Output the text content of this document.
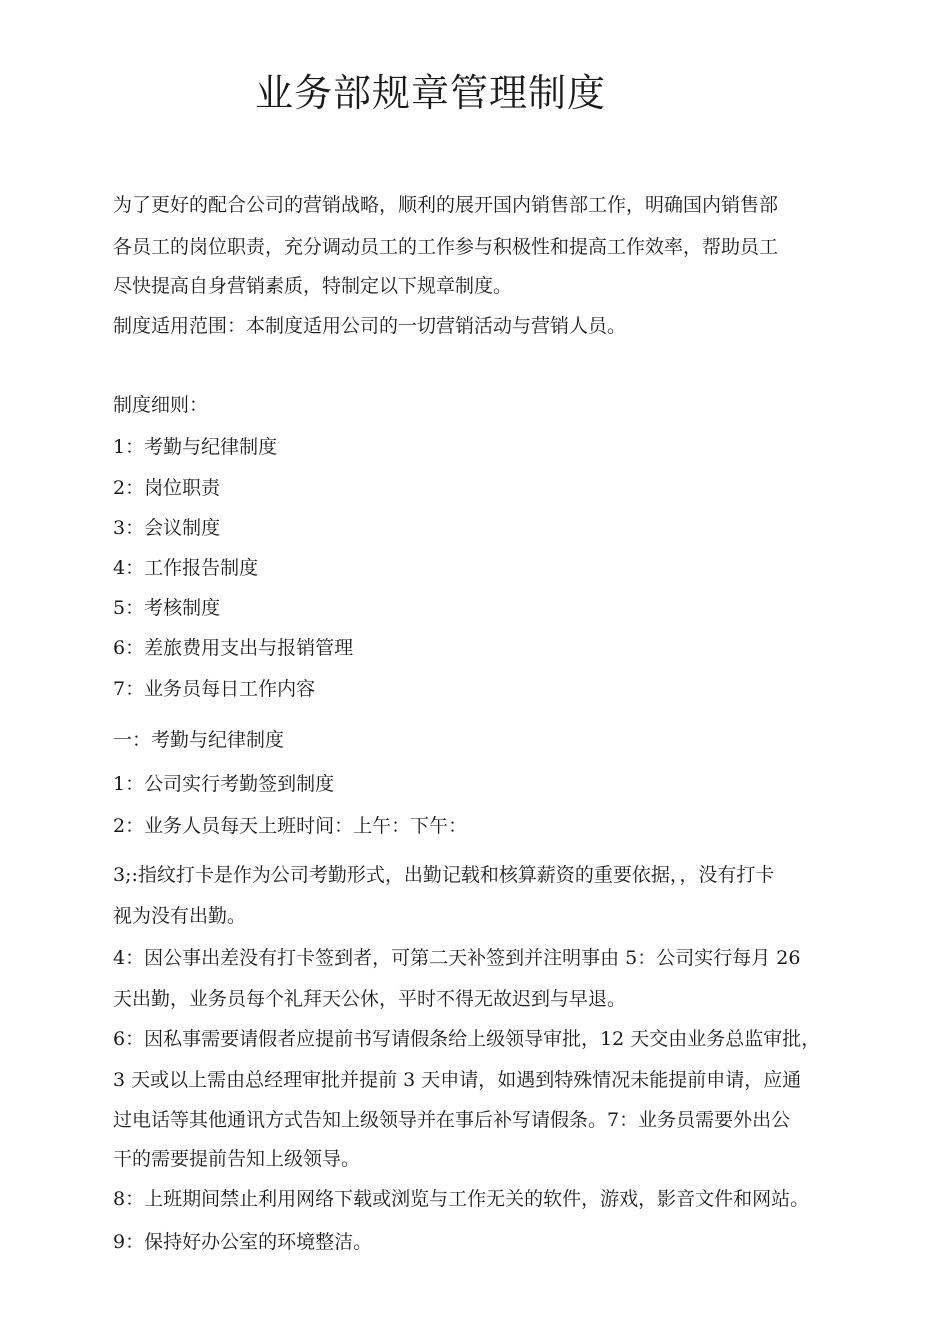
业务部规章管理制度
为了更好的配合公司的营销战略，顺利的展开国内销售部工作，明确国内销售部
各员工的岗位职责，充分调动员工的工作参与积极性和提高工作效率，帮助员工
尽快提高自身营销素质，特制定以下规章制度。
制度适用范围：本制度适用公司的一切营销活动与营销人员。
制度细则：
1：考勤与纪律制度
2：岗位职责
3：会议制度
4：工作报告制度
5：考核制度
6：差旅费用支出与报销管理
7：业务员每日工作内容
一：考勤与纪律制度
1：公司实行考勤签到制度
2：业务人员每天上班时间：上午：下午：
3;:指纹打卡是作为公司考勤形式，出勤记载和核算薪资的重要依据，，没有打卡
视为没有出勤。
4：因公事出差没有打卡签到者，可第二天补签到并注明事由 5：公司实行每月 26
天出勤，业务员每个礼拜天公休，平时不得无故迟到与早退。
6：因私事需要请假者应提前书写请假条给上级领导审批，12 天交由业务总监审批，
3 天或以上需由总经理审批并提前 3 天申请，如遇到特殊情况未能提前申请，应通
过电话等其他通讯方式告知上级领导并在事后补写请假条。7：业务员需要外出公
干的需要提前告知上级领导。
8：上班期间禁止利用网络下载或浏览与工作无关的软件，游戏，影音文件和网站。
9：保持好办公室的环境整洁。
